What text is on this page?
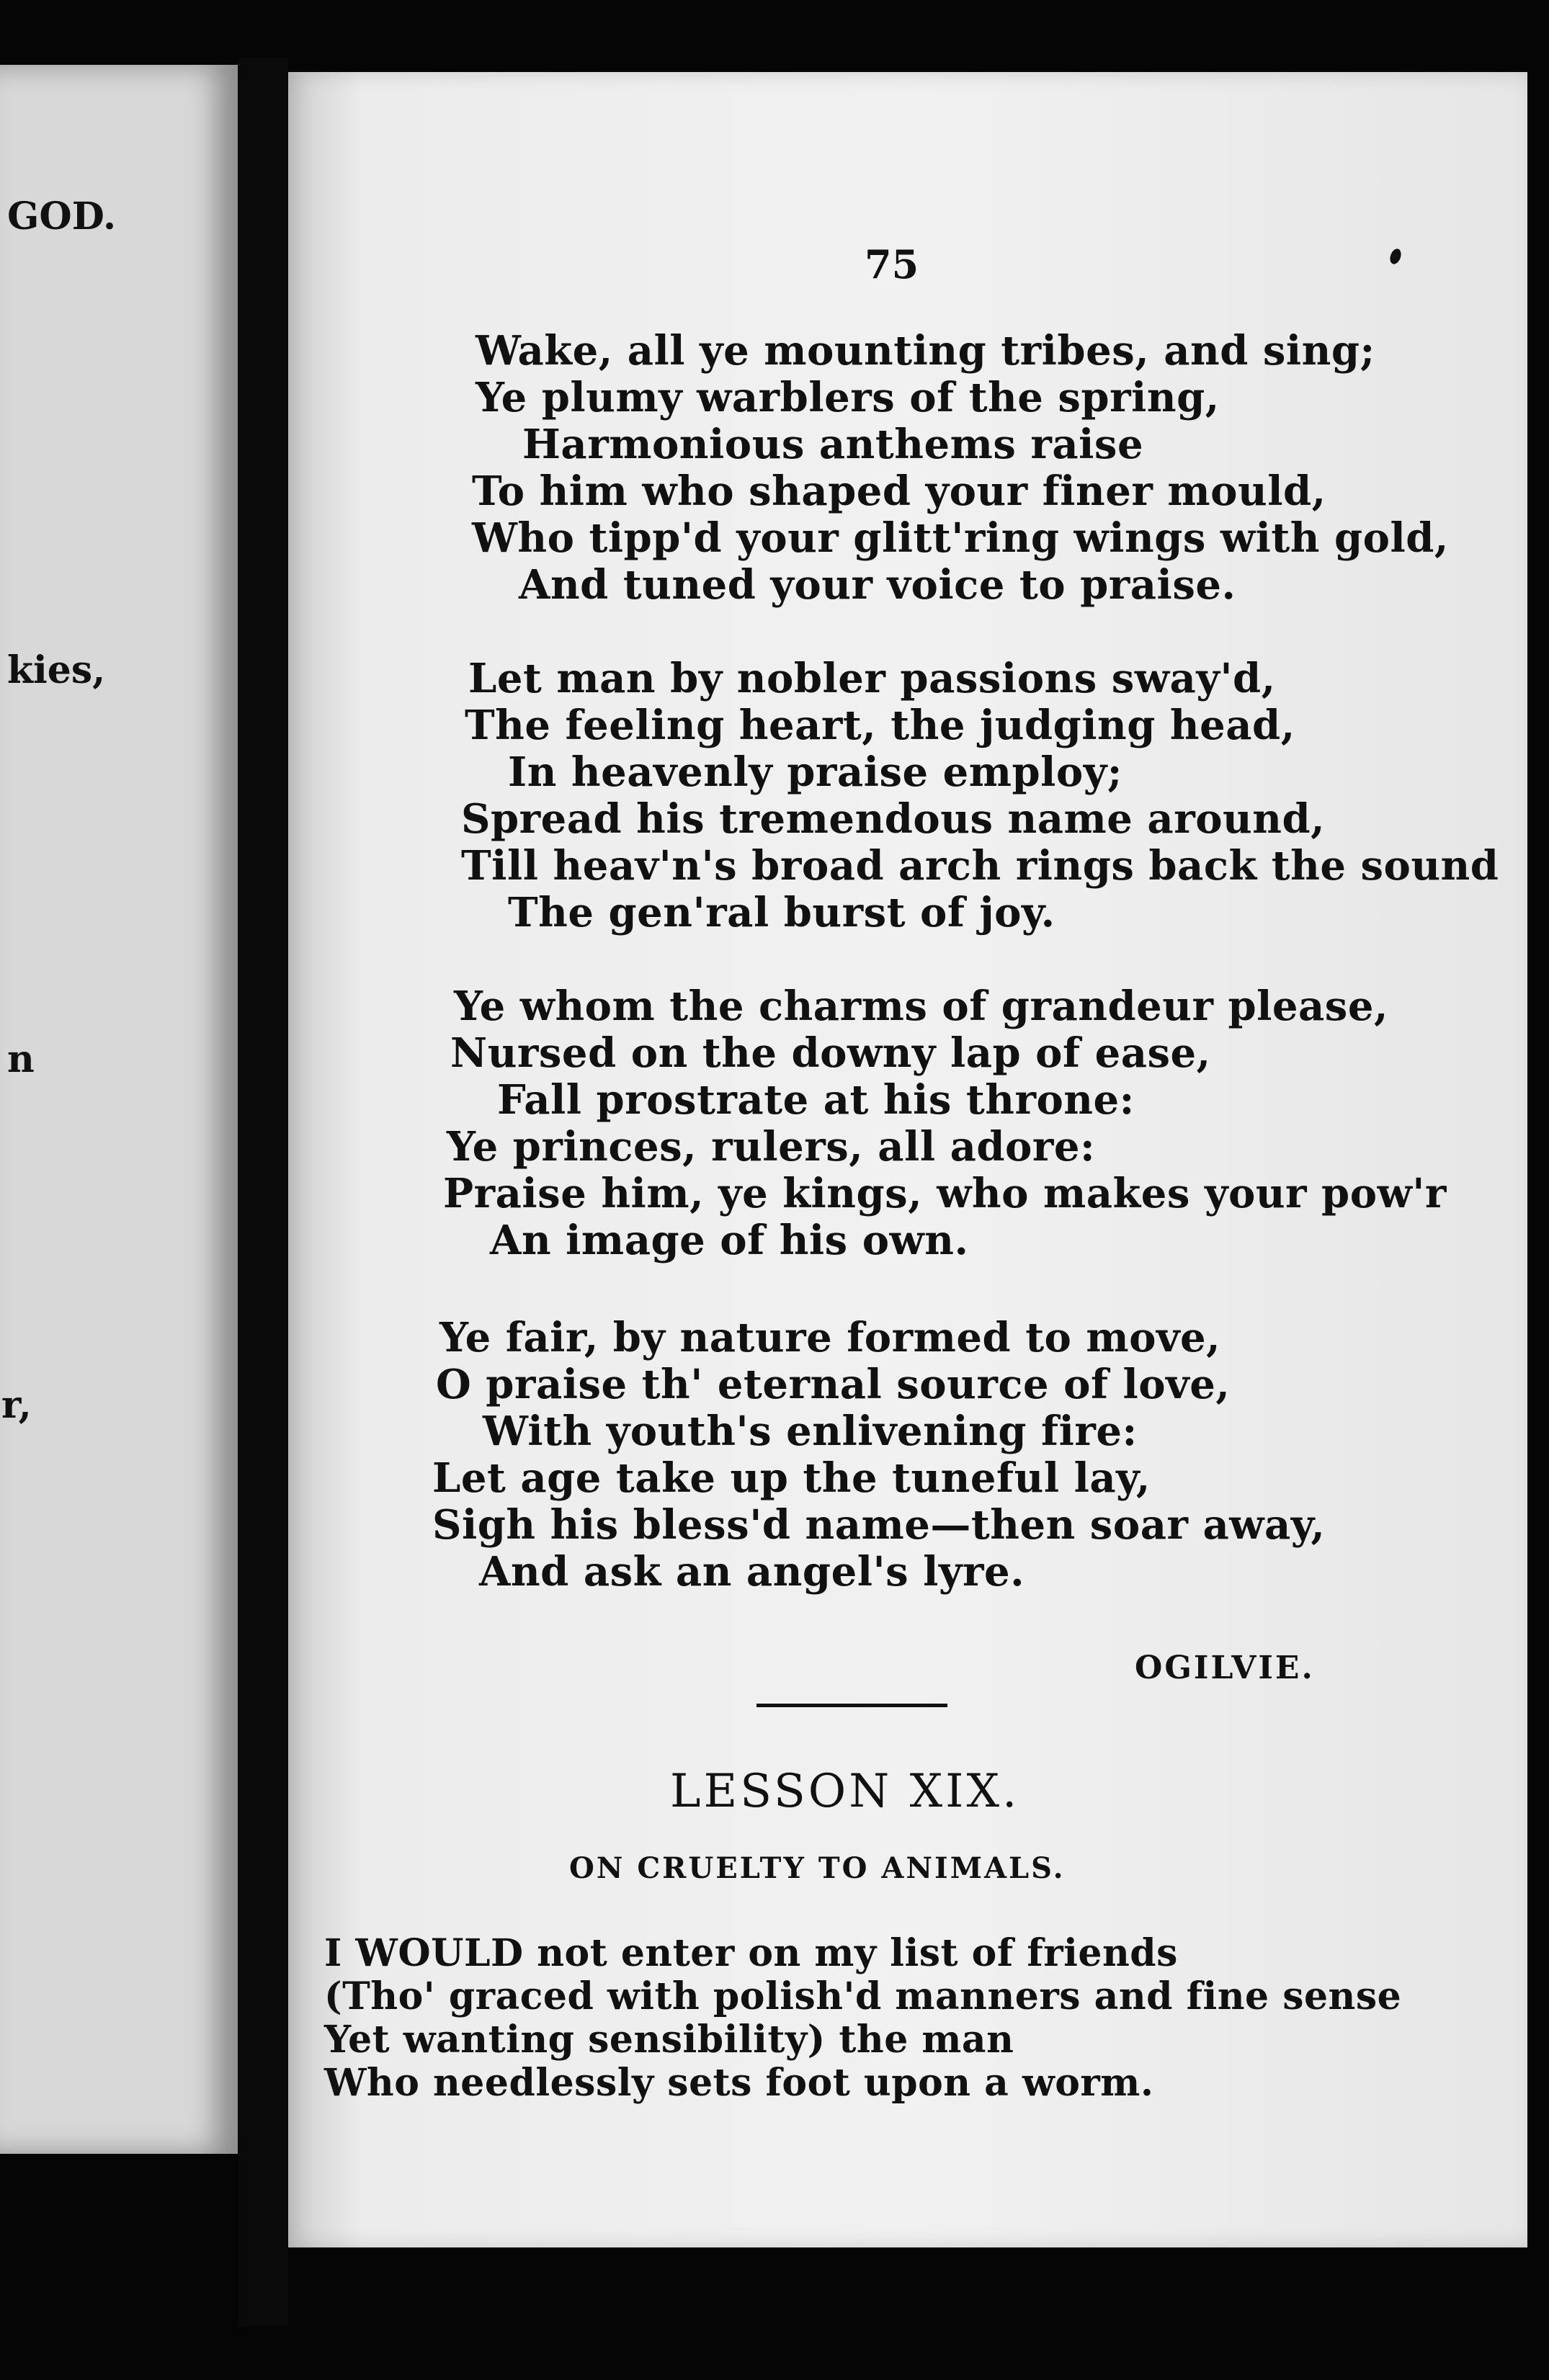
GOD.
kies,
n
r,
75
Wake, all ye mounting tribes, and sing;
Ye plumy warblers of the spring,
Harmonious anthems raise
To him who shaped your finer mould,
Who tipp'd your glitt'ring wings with gold,
And tuned your voice to praise.
Let man by nobler passions sway'd,
The feeling heart, the judging head,
In heavenly praise employ;
Spread his tremendous name around,
Till heav'n's broad arch rings back the sound
The gen'ral burst of joy.
Ye whom the charms of grandeur please,
Nursed on the downy lap of ease,
Fall prostrate at his throne:
Ye princes, rulers, all adore:
Praise him, ye kings, who makes your pow'r
An image of his own.
Ye fair, by nature formed to move,
O praise th' eternal source of love,
With youth's enlivening fire:
Let age take up the tuneful lay,
Sigh his bless'd name—then soar away,
And ask an angel's lyre.
OGILVIE.
LESSON XIX.
ON CRUELTY TO ANIMALS.
I WOULD not enter on my list of friends
(Tho' graced with polish'd manners and fine sense
Yet wanting sensibility) the man
Who needlessly sets foot upon a worm.
